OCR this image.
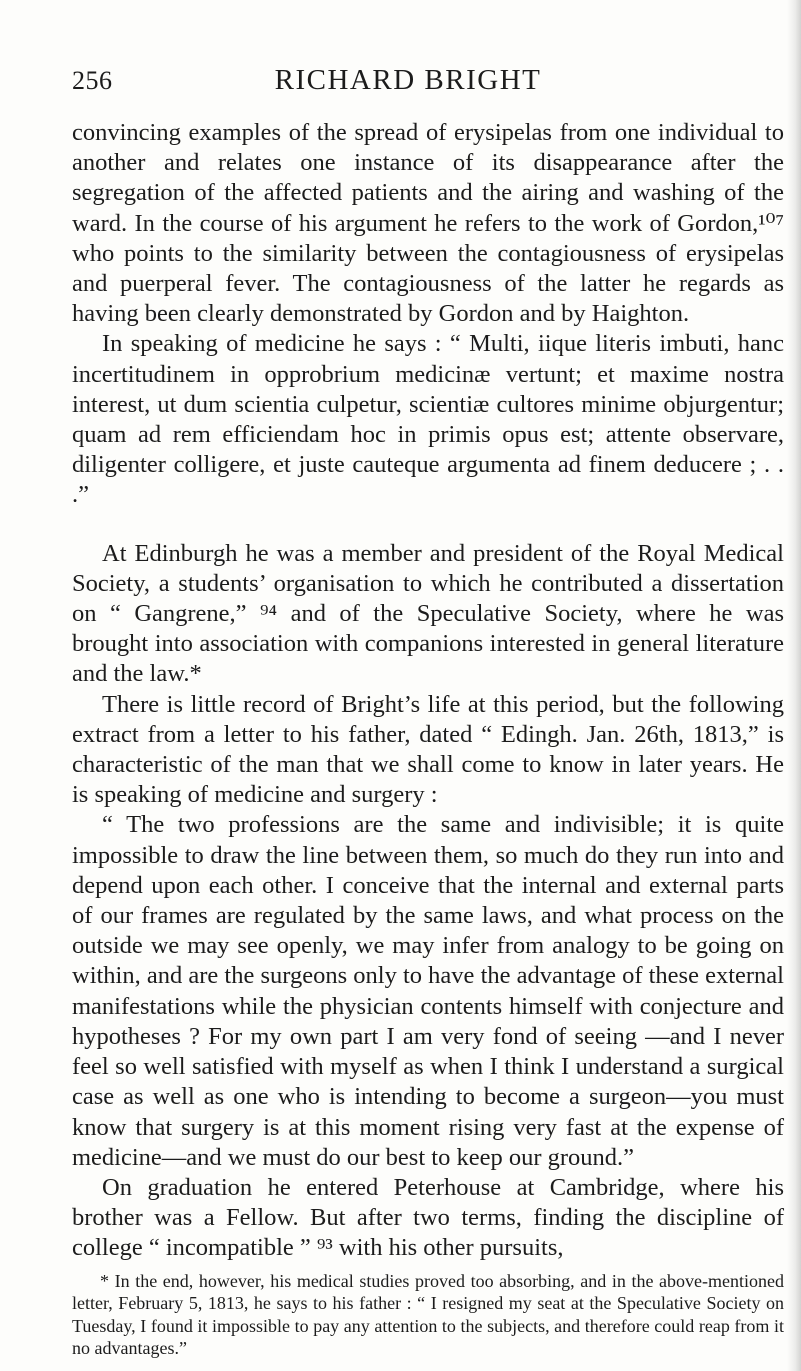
256	RICHARD BRIGHT

convincing examples of the spread of erysipelas from one individual to another and relates one instance of its disappearance after the segregation of the affected patients and the airing and washing of the ward. In the course of his argument he refers to the work of Gordon,¹⁰⁷ who points to the similarity between the contagiousness of erysipelas and puerperal fever. The contagiousness of the latter he regards as having been clearly demonstrated by Gordon and by Haighton.

In speaking of medicine he says : “ Multi, iique literis imbuti, hanc incertitudinem in opprobrium medicinæ vertunt; et maxime nostra interest, ut dum scientia culpetur, scientiæ cultores minime objurgentur; quam ad rem efficiendam hoc in primis opus est; attente observare, diligenter colligere, et juste cauteque argumenta ad finem deducere ; . . .”

At Edinburgh he was a member and president of the Royal Medical Society, a students’ organisation to which he contributed a dissertation on “ Gangrene,” ⁹⁴ and of the Speculative Society, where he was brought into association with companions interested in general literature and the law.*

There is little record of Bright’s life at this period, but the following extract from a letter to his father, dated “ Edingh. Jan. 26th, 1813,” is characteristic of the man that we shall come to know in later years. He is speaking of medicine and surgery :

“ The two professions are the same and indivisible; it is quite impossible to draw the line between them, so much do they run into and depend upon each other. I conceive that the internal and external parts of our frames are regulated by the same laws, and what process on the outside we may see openly, we may infer from analogy to be going on within, and are the surgeons only to have the advantage of these external manifestations while the physician contents himself with conjecture and hypotheses ? For my own part I am very fond of seeing —and I never feel so well satisfied with myself as when I think I understand a surgical case as well as one who is intending to become a surgeon—you must know that surgery is at this moment rising very fast at the expense of medicine—and we must do our best to keep our ground.”

On graduation he entered Peterhouse at Cambridge, where his brother was a Fellow. But after two terms, finding the discipline of college “ incompatible ” ⁹³ with his other pursuits,

* In the end, however, his medical studies proved too absorbing, and in the above-mentioned letter, February 5, 1813, he says to his father : “ I resigned my seat at the Speculative Society on Tuesday, I found it impossible to pay any attention to the subjects, and therefore could reap from it no advantages.”
